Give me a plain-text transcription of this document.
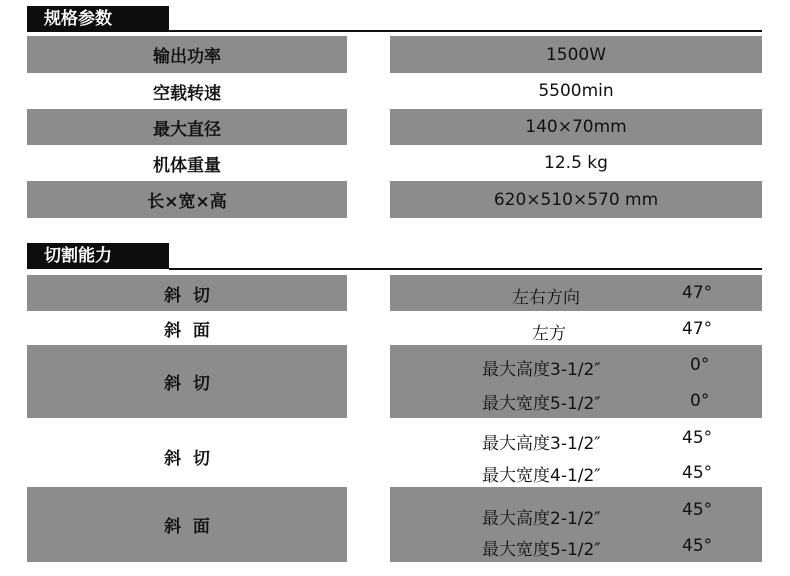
规格参数
输出功率	1500W
空载转速	5500min
最大直径	140×70mm
机体重量	12.5 kg
长×宽×高	620×510×570 mm
切割能力
斜  切	左右方向	47°
斜  面	左方	47°
斜  切
最大高度3-1/2″	0°
最大宽度5-1/2″	0°
斜  切
最大高度3-1/2″	45°
最大宽度4-1/2″	45°
斜  面	最大高度2-1/2″	45°
最大宽度5-1/2″	45°
